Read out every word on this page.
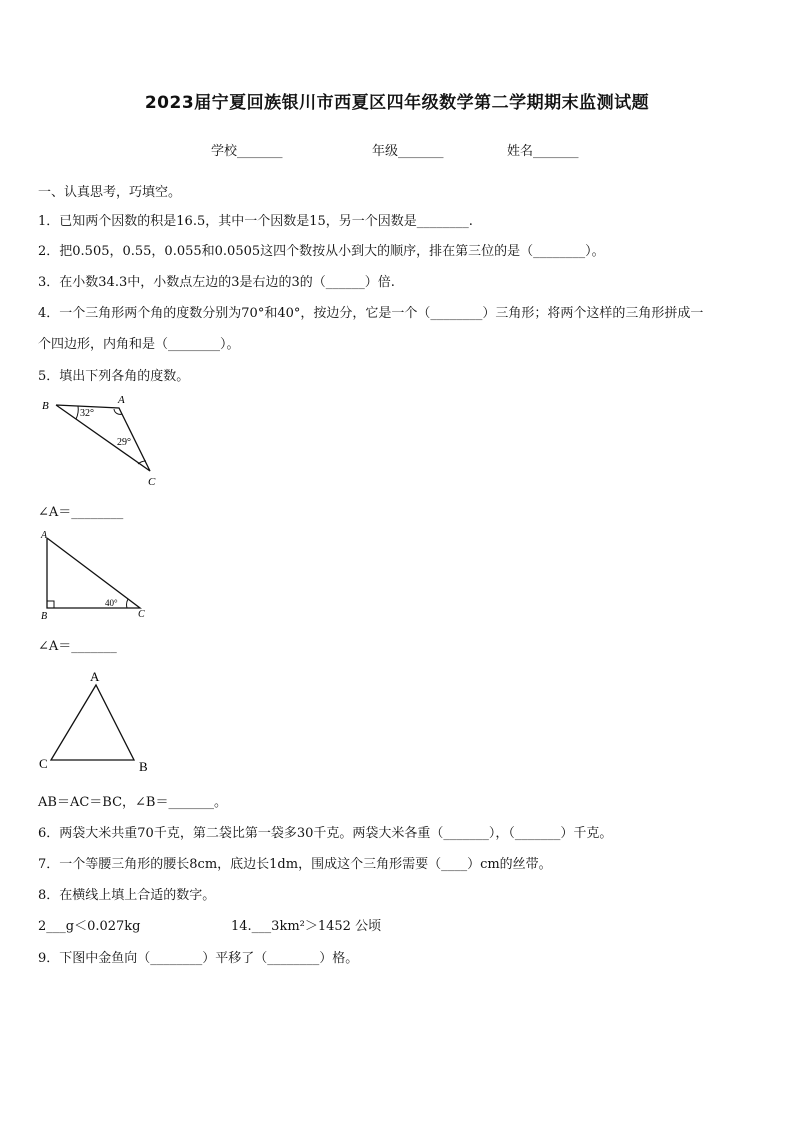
2023届宁夏回族银川市西夏区四年级数学第二学期期末监测试题
学校_______	年级_______	姓名_______
一、认真思考，巧填空。
1．已知两个因数的积是16.5，其中一个因数是15，另一个因数是________.
2．把0.505，0.55，0.055和0.0505这四个数按从小到大的顺序，排在第三位的是（________）。
3．在小数34.3中，小数点左边的3是右边的3的（______）倍.
4．一个三角形两个角的度数分别为70°和40°，按边分，它是一个（________）三角形；将两个这样的三角形拼成一
个四边形，内角和是（________）。
5．填出下列各角的度数。
B	A
C
32°
29°
∠A＝________
A
B	C
40°
∠A＝_______
A
C	B
AB＝AC＝BC，∠B＝_______。
6．两袋大米共重70千克，第二袋比第一袋多30千克。两袋大米各重（_______），（_______）千克。
7．一个等腰三角形的腰长8cm，底边长1dm，围成这个三角形需要（____）cm的丝带。
8．在横线上填上合适的数字。
2___g＜0.027kg	14.___3km²＞1452 公顷
9．下图中金鱼向（________）平移了（________）格。
